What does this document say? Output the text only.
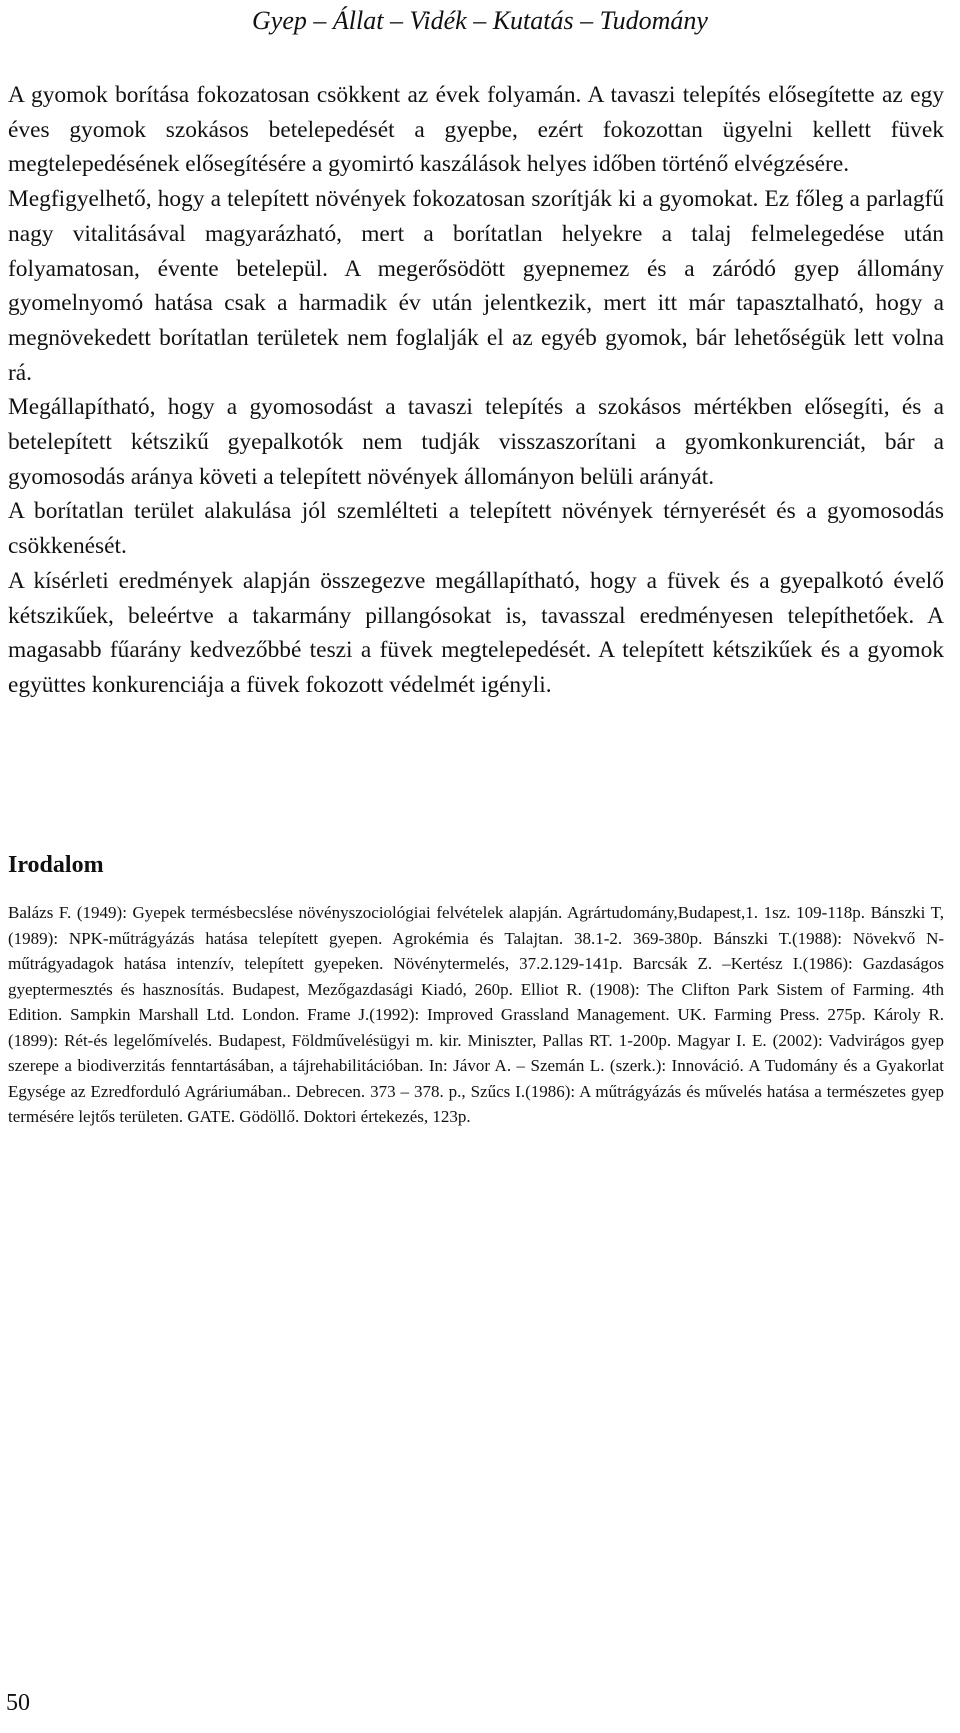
Gyep – Állat – Vidék – Kutatás – Tudomány

A gyomok borítása fokozatosan csökkent az évek folyamán. A tavaszi telepítés elősegítette az egy éves gyomok szokásos betelepedését a gyepbe, ezért fokozottan ügyelni kellett füvek megtelepedésének elősegítésére a gyomirtó kaszálások helyes időben történő elvégzésére.

Megfigyelhető, hogy a telepített növények fokozatosan szorítják ki a gyomokat. Ez főleg a parlagfű nagy vitalitásával magyarázható, mert a borítatlan helyekre a talaj felmelegedése után folyamatosan, évente betelepül. A megerősödött gyepnemez és a záródó gyep állomány gyomelnyomó hatása csak a harmadik év után jelentkezik, mert itt már tapasztalható, hogy a megnövekedett borítatlan területek nem foglalják el az egyéb gyomok, bár lehetőségük lett volna rá.

Megállapítható, hogy a gyomosodást a tavaszi telepítés a szokásos mértékben elősegíti, és a betelepített kétszikű gyepalkotók nem tudják visszaszorítani a gyomkonkurenciát, bár a gyomosodás aránya követi a telepített növények állományon belüli arányát.

A borítatlan terület alakulása jól szemlélteti a telepített növények térnyerését és a gyomosodás csökkenését.

A kísérleti eredmények alapján összegezve megállapítható, hogy a füvek és a gyepalkotó évelő kétszikűek, beleértve a takarmány pillangósokat is, tavasszal eredményesen telepíthetőek. A magasabb fűarány kedvezőbbé teszi a füvek megtelepedését. A telepített kétszikűek és a gyomok együttes konkurenciája a füvek fokozott védelmét igényli.

Irodalom
Balázs F. (1949): Gyepek termésbecslése növényszociológiai felvételek alapján. Agrártudomány,Budapest,1. 1sz. 109-118p. Bánszki T, (1989): NPK-műtrágyázás hatása telepített gyepen. Agrokémia és Talajtan. 38.1-2. 369-380p. Bánszki T.(1988): Növekvő N-műtrágyadagok hatása intenzív, telepített gyepeken. Növénytermelés, 37.2.129-141p. Barcsák Z. –Kertész I.(1986): Gazdaságos gyeptermesztés és hasznosítás. Budapest, Mezőgazdasági Kiadó, 260p. Elliot R. (1908): The Clifton Park Sistem of Farming. 4th Edition. Sampkin Marshall Ltd. London. Frame J.(1992): Improved Grassland Management. UK. Farming Press. 275p. Károly R. (1899): Rét-és legelőmívelés. Budapest, Földművelésügyi m. kir. Miniszter, Pallas RT. 1-200p. Magyar I. E. (2002): Vadvirágos gyep szerepe a biodiverzitás fenntartásában, a tájrehabilitációban. In: Jávor A. – Szemán L. (szerk.): Innováció. A Tudomány és a Gyakorlat Egysége az Ezredforduló Agráriumában.. Debrecen. 373 – 378. p., Szűcs I.(1986): A műtrágyázás és művelés hatása a természetes gyep termésére lejtős területen. GATE. Gödöllő. Doktori értekezés, 123p.
50
